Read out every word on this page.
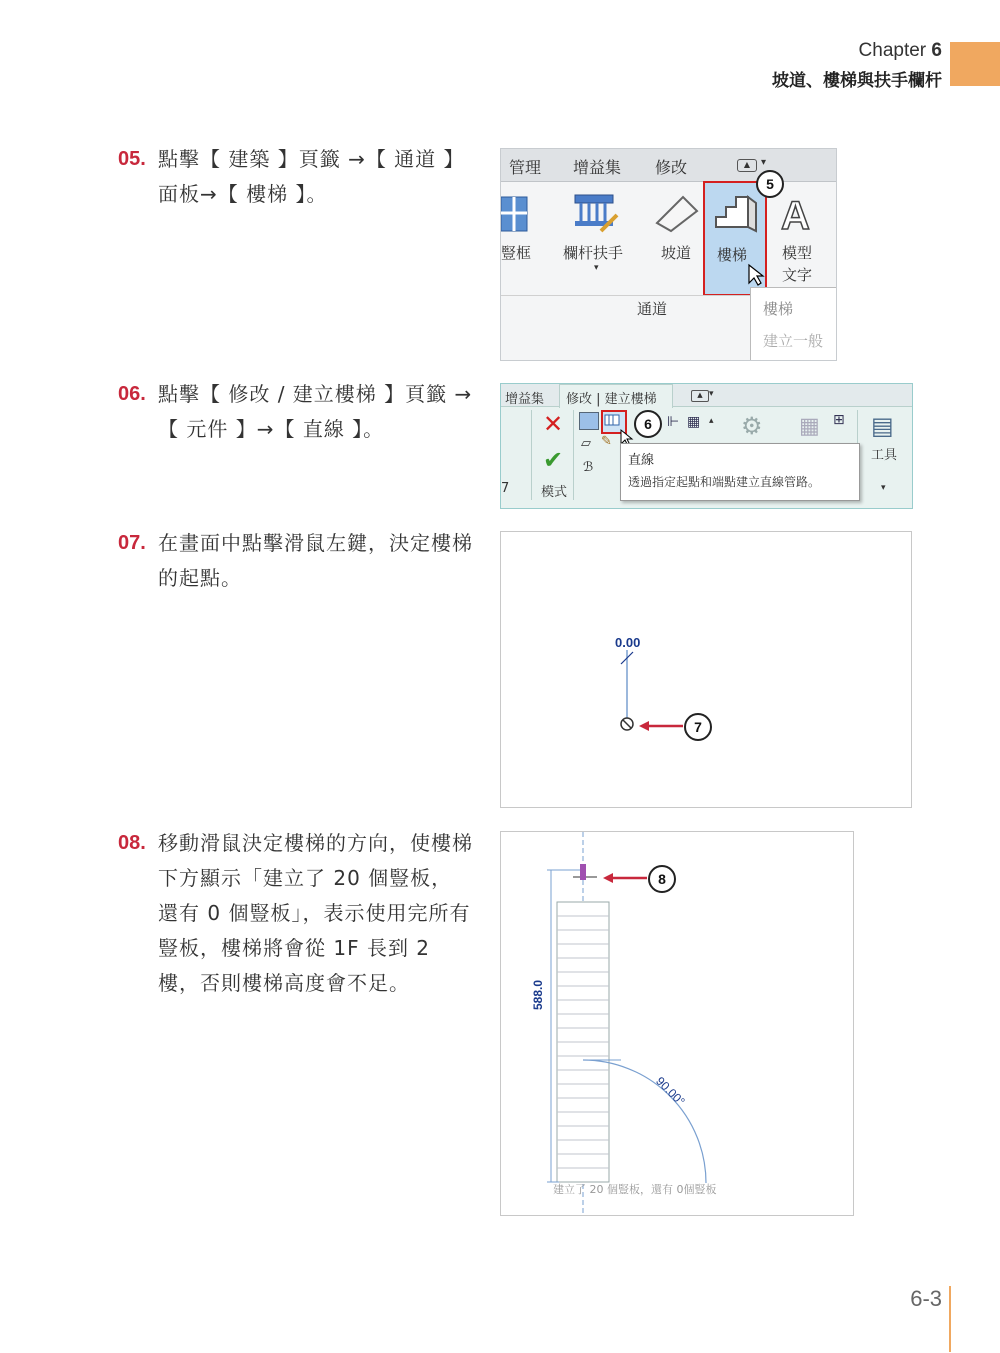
Chapter 6
坡道、樓梯與扶手欄杆
05. 點擊【 建築 】頁籤 →【 通道 】面板→【 樓梯 】。
06. 點擊【 修改 / 建立樓梯 】頁籤 →【 元件 】→【 直線 】。
07. 在畫面中點擊滑鼠左鍵，決定樓梯的起點。
08. 移動滑鼠決定樓梯的方向，使樓梯下方顯示「建立了 20 個豎板，還有 0 個豎板」，表示使用完所有豎板，樓梯將會從 1F 長到 2 樓，否則樓梯高度會不足。
管理 增益集 修改	▲	▾
豎框 欄杆扶手
▾
坡道 樓梯
5
A
模型
文字
通道	樓梯
建立一般
增益集 修改 | 建立樓梯	▲ ▾
✕
✔
模式
7
▱ ✎
ℬ
6	⊩ ▦ ▴ ⚙ ▦ ⊞ ▤
工具
▾
直線
透過指定起點和端點建立直線管路。
0.00
7
588.0
90.00°
建立了 20 個豎板，還有 0個豎板
8
6-3
